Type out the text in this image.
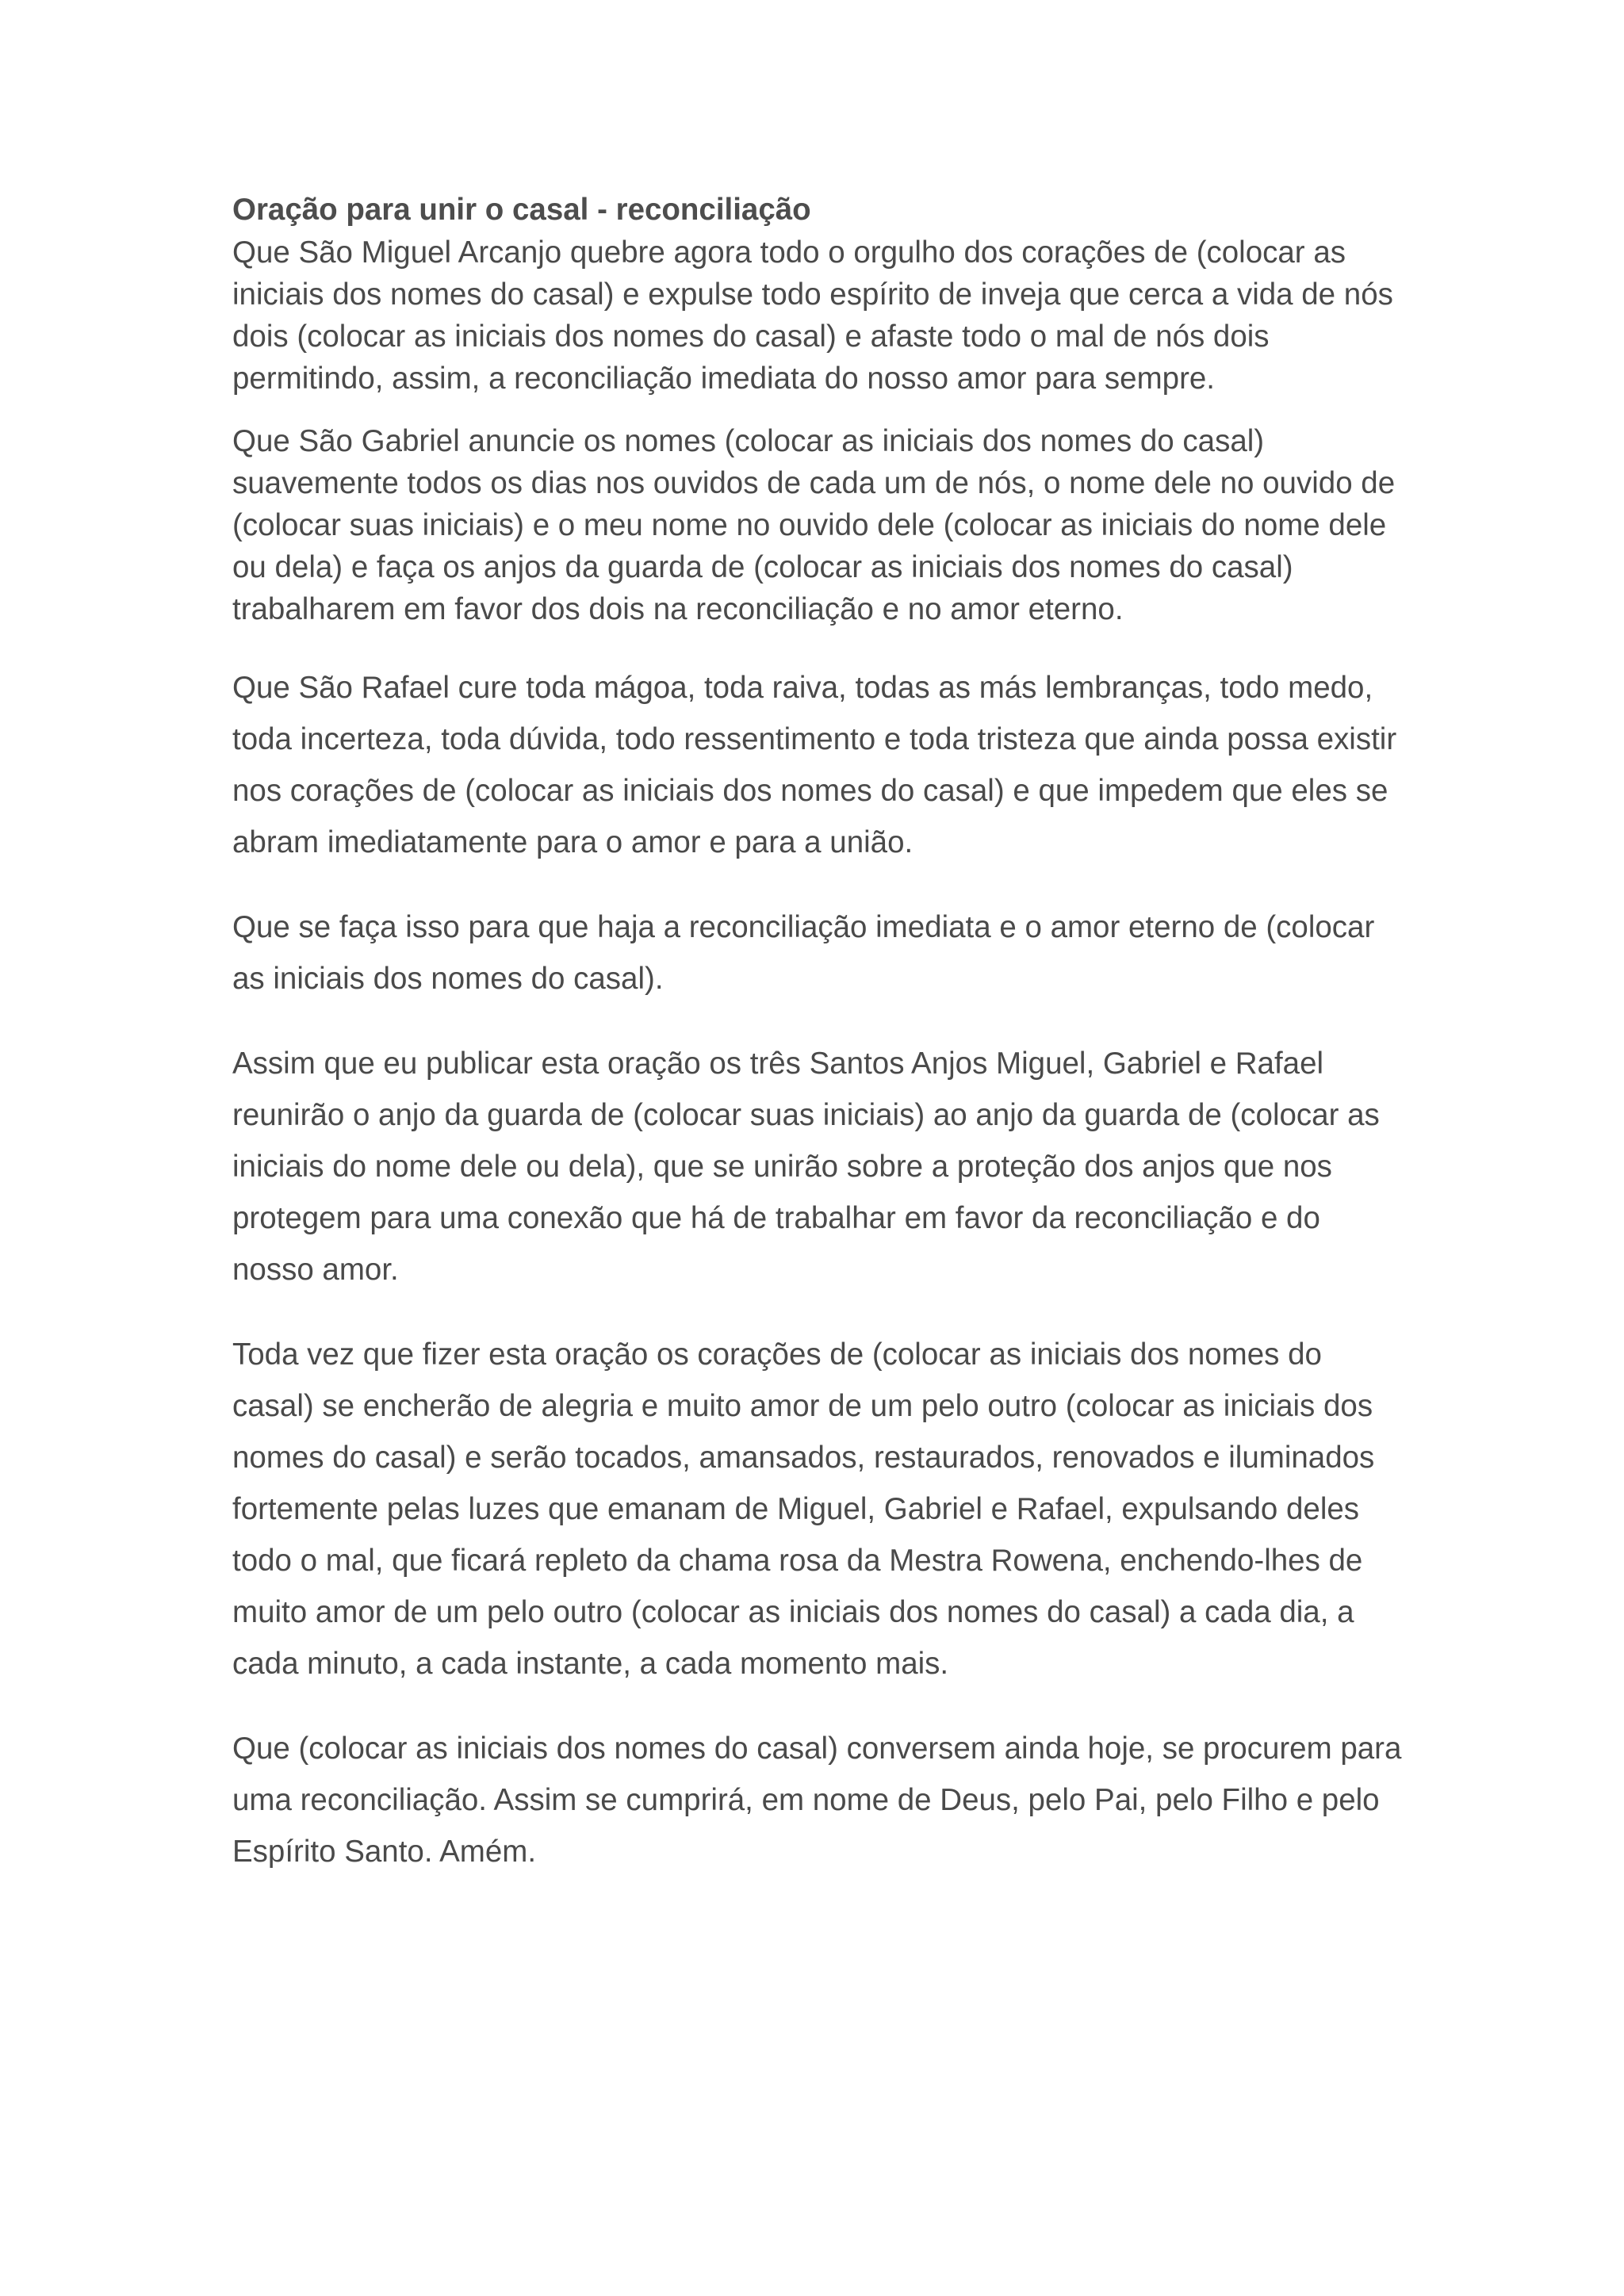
Oração para unir o casal - reconciliação

Que São Miguel Arcanjo quebre agora todo o orgulho dos corações de (colocar as iniciais dos nomes do casal) e expulse todo espírito de inveja que cerca a vida de nós dois (colocar as iniciais dos nomes do casal) e afaste todo o mal de nós dois permitindo, assim, a reconciliação imediata do nosso amor para sempre.

Que São Gabriel anuncie os nomes (colocar as iniciais dos nomes do casal) suavemente todos os dias nos ouvidos de cada um de nós, o nome dele no ouvido de (colocar suas iniciais) e o meu nome no ouvido dele (colocar as iniciais do nome dele ou dela) e faça os anjos da guarda de (colocar as iniciais dos nomes do casal) trabalharem em favor dos dois na reconciliação e no amor eterno.

Que São Rafael cure toda mágoa, toda raiva, todas as más lembranças, todo medo, toda incerteza, toda dúvida, todo ressentimento e toda tristeza que ainda possa existir nos corações de (colocar as iniciais dos nomes do casal) e que impedem que eles se abram imediatamente para o amor e para a união.

Que se faça isso para que haja a reconciliação imediata e o amor eterno de (colocar as iniciais dos nomes do casal).

Assim que eu publicar esta oração os três Santos Anjos Miguel, Gabriel e Rafael reunirão o anjo da guarda de (colocar suas iniciais) ao anjo da guarda de (colocar as iniciais do nome dele ou dela), que se unirão sobre a proteção dos anjos que nos protegem para uma conexão que há de trabalhar em favor da reconciliação e do nosso amor.

Toda vez que fizer esta oração os corações de (colocar as iniciais dos nomes do casal) se encherão de alegria e muito amor de um pelo outro (colocar as iniciais dos nomes do casal) e serão tocados, amansados, restaurados, renovados e iluminados fortemente pelas luzes que emanam de Miguel, Gabriel e Rafael, expulsando deles todo o mal, que ficará repleto da chama rosa da Mestra Rowena, enchendo-lhes de muito amor de um pelo outro (colocar as iniciais dos nomes do casal) a cada dia, a cada minuto, a cada instante, a cada momento mais.

Que (colocar as iniciais dos nomes do casal) conversem ainda hoje, se procurem para uma reconciliação. Assim se cumprirá, em nome de Deus, pelo Pai, pelo Filho e pelo Espírito Santo. Amém.
